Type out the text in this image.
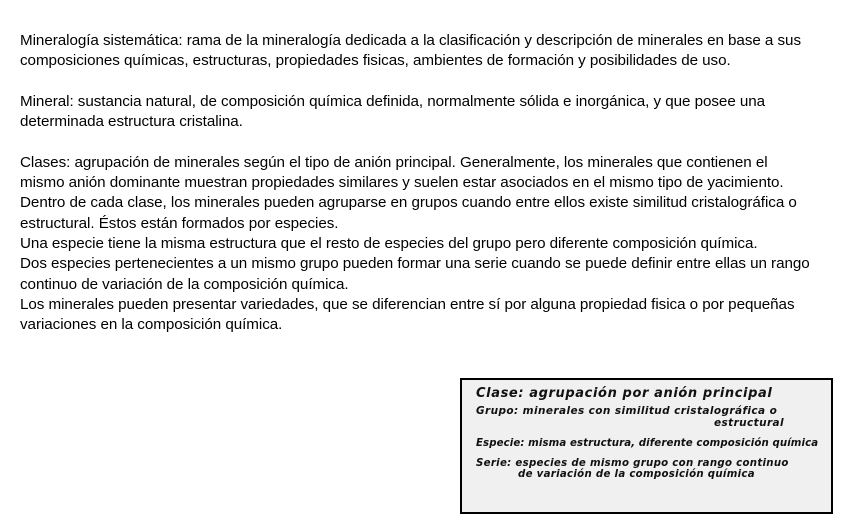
Mineralogía sistemática: rama de la mineralogía dedicada a la clasificación y descripción de minerales en base a sus composiciones químicas, estructuras, propiedades fisicas, ambientes de formación y posibilidades de uso.

Mineral: sustancia natural, de composición química definida, normalmente sólida e inorgánica, y que posee una determinada estructura cristalina.

Clases: agrupación de minerales según el tipo de anión principal. Generalmente, los minerales que contienen el mismo anión dominante muestran propiedades similares y suelen estar asociados en el mismo tipo de yacimiento.

Dentro de cada clase, los minerales pueden agruparse en grupos cuando entre ellos existe similitud cristalográfica o estructural. Éstos están formados por especies.

Una especie tiene la misma estructura que el resto de especies del grupo pero diferente composición química.

Dos especies pertenecientes a un mismo grupo pueden formar una serie cuando se puede definir entre ellas un rango continuo de variación de la composición química.

Los minerales pueden presentar variedades, que se diferencian entre sí por alguna propiedad fisica o por pequeñas variaciones en la composición química.

Clase: agrupación por anión principal
Grupo: minerales con similitud cristalográfica o
estructural
Especie: misma estructura, diferente composición química
Serie: especies de mismo grupo con rango continuo
de variación de la composición química
